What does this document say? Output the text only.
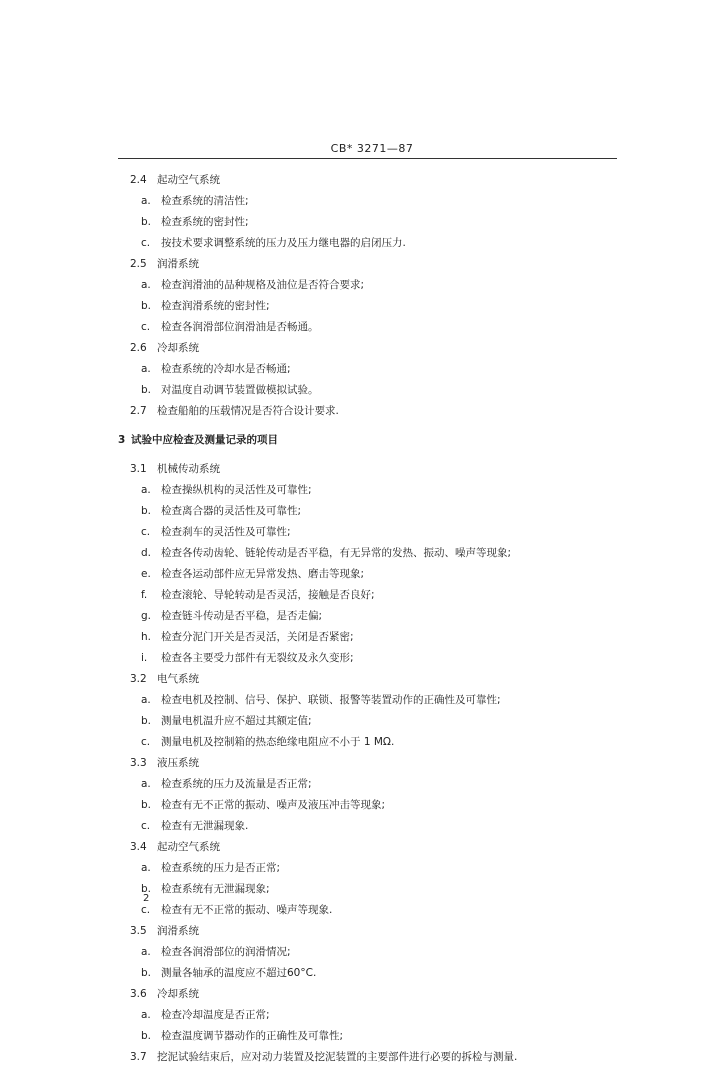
CB* 3271—87
2.4 起动空气系统
a. 检查系统的清洁性;
b. 检查系统的密封性;
c. 按技术要求调整系统的压力及压力继电器的启闭压力.
2.5 润滑系统
a. 检查润滑油的品种规格及油位是否符合要求;
b. 检查润滑系统的密封性;
c. 检查各润滑部位润滑油是否畅通。
2.6 冷却系统
a. 检查系统的冷却水是否畅通;
b. 对温度自动调节装置做模拟试验。
2.7 检查船舶的压载情况是否符合设计要求.
3 试验中应检查及测量记录的项目
3.1 机械传动系统
a. 检查操纵机构的灵活性及可靠性;
b. 检查离合器的灵活性及可靠性;
c. 检查刹车的灵活性及可靠性;
d. 检查各传动齿轮、链轮传动是否平稳，有无异常的发热、振动、噪声等现象;
e. 检查各运动部件应无异常发热、磨击等现象;
f. 检查滚轮、导轮转动是否灵活，接触是否良好;
g. 检查链斗传动是否平稳，是否走偏;
h. 检查分泥门开关是否灵活，关闭是否紧密;
i. 检查各主要受力部件有无裂纹及永久变形;
3.2 电气系统
a. 检查电机及控制、信号、保护、联锁、报警等装置动作的正确性及可靠性;
b. 测量电机温升应不超过其额定值;
c. 测量电机及控制箱的热态绝缘电阻应不小于 1 MΩ.
3.3 液压系统
a. 检查系统的压力及流量是否正常;
b. 检查有无不正常的振动、噪声及液压冲击等现象;
c. 检查有无泄漏现象.
3.4 起动空气系统
a. 检查系统的压力是否正常;
b. 检查系统有无泄漏现象;
c. 检查有无不正常的振动、噪声等现象.
3.5 润滑系统
a. 检查各润滑部位的润滑情况;
b. 测量各轴承的温度应不超过60°C.
3.6 冷却系统
a. 检查冷却温度是否正常;
b. 检查温度调节器动作的正确性及可靠性;
3.7 挖泥试验结束后，应对动力装置及挖泥装置的主要部件进行必要的拆检与测量.
2
